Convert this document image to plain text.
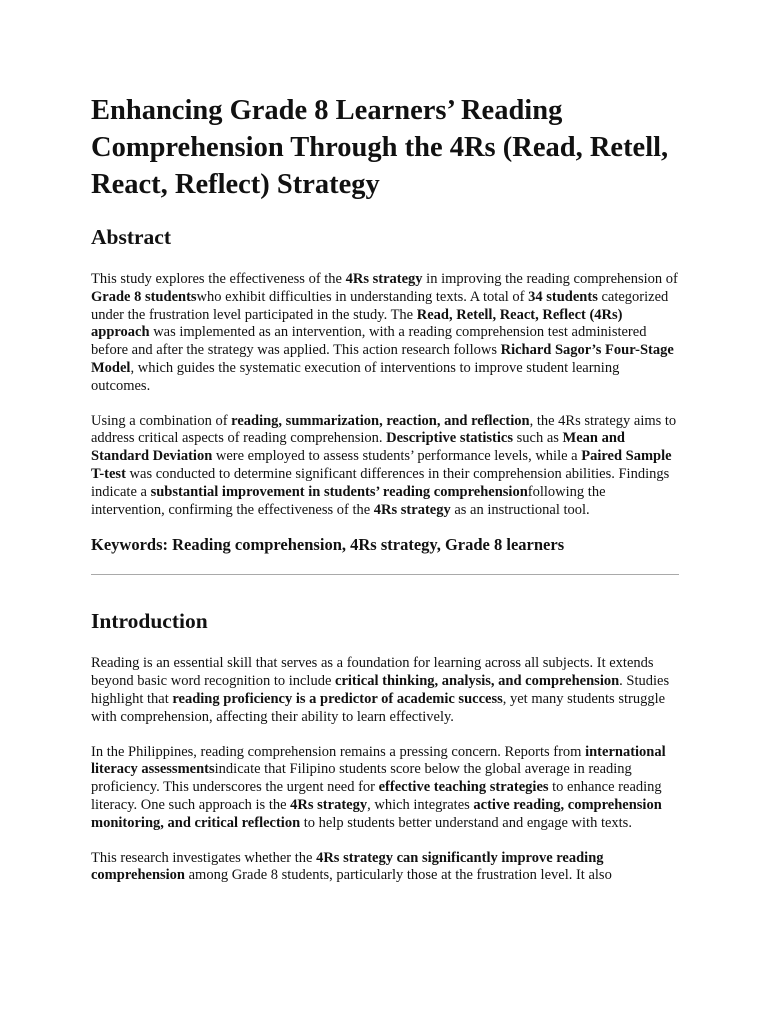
Enhancing Grade 8 Learners’ Reading Comprehension Through the 4Rs (Read, Retell, React, Reflect) Strategy
Abstract

This study explores the effectiveness of the 4Rs strategy in improving the reading comprehension of Grade 8 studentswho exhibit difficulties in understanding texts. A total of 34 students categorized under the frustration level participated in the study. The Read, Retell, React, Reflect (4Rs) approach was implemented as an intervention, with a reading comprehension test administered before and after the strategy was applied. This action research follows Richard Sagor’s Four-Stage Model, which guides the systematic execution of interventions to improve student learning outcomes.

Using a combination of reading, summarization, reaction, and reflection, the 4Rs strategy aims to address critical aspects of reading comprehension. Descriptive statistics such as Mean and Standard Deviation were employed to assess students’ performance levels, while a Paired Sample T-test was conducted to determine significant differences in their comprehension abilities. Findings indicate a substantial improvement in students’ reading comprehensionfollowing the intervention, confirming the effectiveness of the 4Rs strategy as an instructional tool.

Keywords: Reading comprehension, 4Rs strategy, Grade 8 learners
Introduction

Reading is an essential skill that serves as a foundation for learning across all subjects. It extends beyond basic word recognition to include critical thinking, analysis, and comprehension. Studies highlight that reading proficiency is a predictor of academic success, yet many students struggle with comprehension, affecting their ability to learn effectively.

In the Philippines, reading comprehension remains a pressing concern. Reports from international literacy assessmentsindicate that Filipino students score below the global average in reading proficiency. This underscores the urgent need for effective teaching strategies to enhance reading literacy. One such approach is the 4Rs strategy, which integrates active reading, comprehension monitoring, and critical reflection to help students better understand and engage with texts.

This research investigates whether the 4Rs strategy can significantly improve reading comprehension among Grade 8 students, particularly those at the frustration level. It also
